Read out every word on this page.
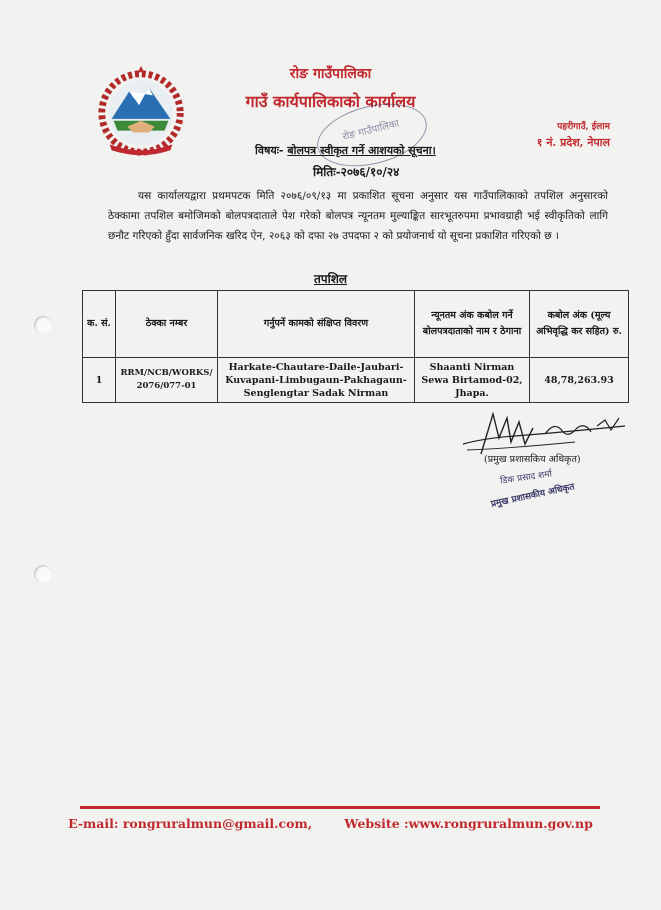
रोङ गाउँपालिका
गाउँ कार्यपालिकाको कार्यालय
पहरीगाउँ, ईलाम
१ नं. प्रदेश, नेपाल
रोङ गाउँपालिका
विषयः- बोलपत्र स्वीकृत गर्ने आशयको सूचना।
मितिः-२०७६/१०/२४
यस कार्यालयद्वारा प्रथमपटक मिति २०७६/०९/१३ मा प्रकाशित सूचना अनुसार यस गाउँपालिकाको तपशिल अनुसारको ठेक्कामा तपशिल बमोजिमको बोलपत्रदाताले पेश गरेको बोलपत्र न्यूनतम मुल्याङ्कित सारभूतरुपमा प्रभावग्राही भई स्वीकृतिको लागि छनौट गरिएको हुँदा सार्वजनिक खरिद ऐन, २०६३ को दफा २७ उपदफा २ को प्रयोजनार्थ यो सूचना प्रकाशित गरिएको छ ।
तपशिल
क. सं.	ठेक्का नम्बर	गर्नुपर्ने कामको संक्षिप्त विवरण	न्यूनतम अंक कबोल गर्ने बोलपत्रदाताको नाम र ठेगाना	कबोल अंक (मूल्य अभिवृद्धि कर सहित) रु.
1	RRM/NCB/WORKS/ 2076/077-01	Harkate-Chautare-Daile-Jaubari-Kuvapani-Limbugaun-Pakhagaun-Senglengtar Sadak Nirman	Shaanti Nirman Sewa Birtamod-02, Jhapa.	48,78,263.93
(प्रमुख प्रशासकिय अधिकृत)
डिक प्रसाद शर्मा
प्रमुख प्रशासकीय अधिकृत
E-mail: rongruralmun@gmail.com,	Website :www.rongruralmun.gov.np
